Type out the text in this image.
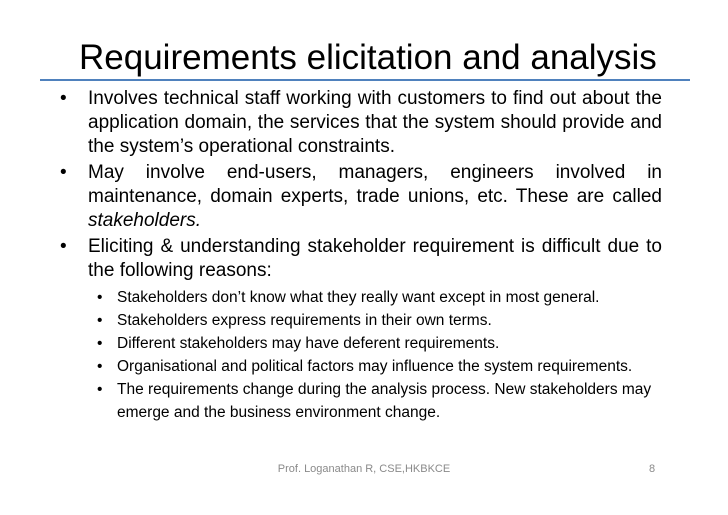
Requirements elicitation and analysis
• Involves technical staff working with customers to find out about the application domain, the services that the system should provide and the system’s operational constraints.
• May involve end-users, managers, engineers involved in maintenance, domain experts, trade unions, etc. These are called stakeholders.
• Eliciting & understanding stakeholder requirement is difficult due to the following reasons:
• Stakeholders don’t know what they really want except in most general.
• Stakeholders express requirements in their own terms.
• Different stakeholders may have deferent requirements.
• Organisational and political factors may influence the system requirements.
• The requirements change during the analysis process. New stakeholders may emerge and the business environment change.
Prof. Loganathan R, CSE,HKBKCE	8
